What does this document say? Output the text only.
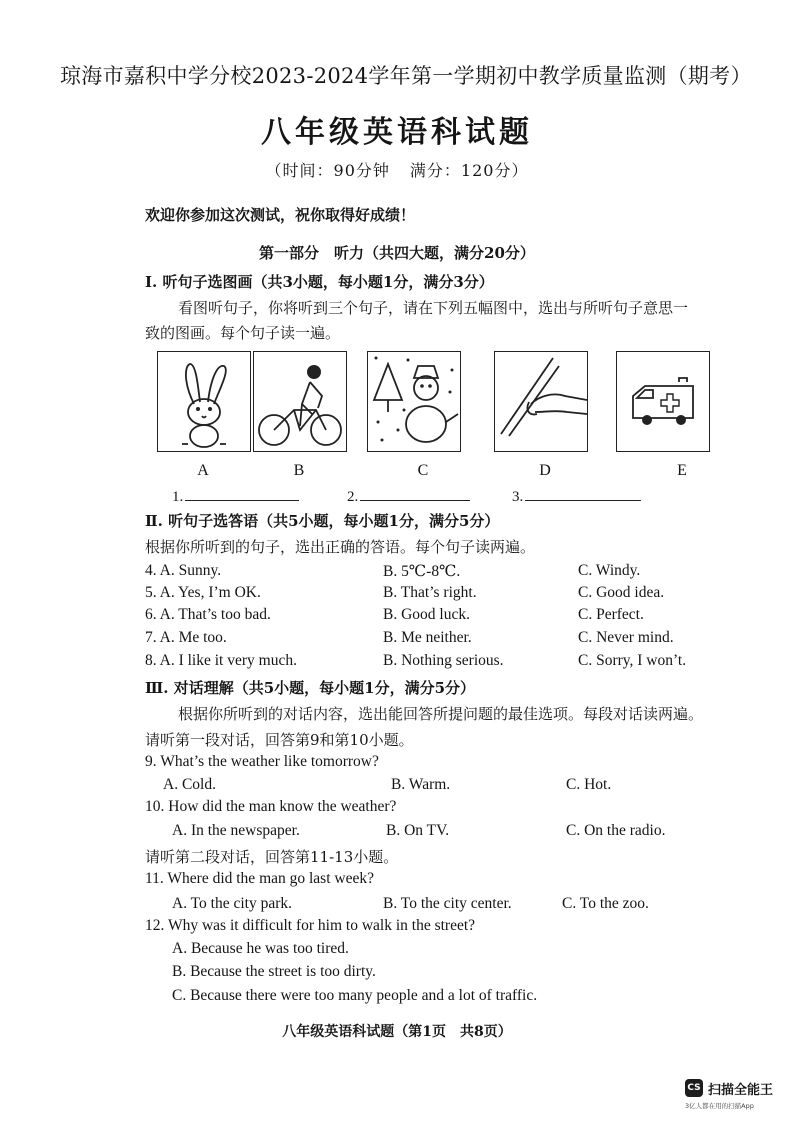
琼海市嘉积中学分校2023-2024学年第一学期初中教学质量监测（期考）
八年级英语科试题
（时间：90分钟 满分：120分）
欢迎你参加这次测试，祝你取得好成绩！
第一部分　听力（共四大题，满分20分）
I. 听句子选图画（共3小题，每小题1分，满分3分）
看图听句子，你将听到三个句子，请在下列五幅图中，选出与所听句子意思一
致的图画。每个句子读一遍。
A	B	C	D	E
1.	2.	3.
Ⅱ. 听句子选答语（共5小题，每小题1分，满分5分）
根据你所听到的句子，选出正确的答语。每个句子读两遍。
4. A. Sunny.	B. 5℃-8℃.	C. Windy.
5. A. Yes, I’m OK.	B. That’s right.	C. Good idea.
6. A. That’s too bad.	B. Good luck.	C. Perfect.
7. A. Me too.	B. Me neither.	C. Never mind.
8. A. I like it very much.	B. Nothing serious.	C. Sorry, I won’t.
Ⅲ. 对话理解（共5小题，每小题1分，满分5分）
根据你所听到的对话内容，选出能回答所提问题的最佳选项。每段对话读两遍。
请听第一段对话，回答第9和第10小题。
9. What’s the weather like tomorrow?
A. Cold.	B. Warm.	C. Hot.
10. How did the man know the weather?
A. In the newspaper.	B. On TV.	C. On the radio.
请听第二段对话，回答第11-13小题。
11. Where did the man go last week?
A. To the city park.	B. To the city center.	C. To the zoo.
12. Why was it difficult for him to walk in the street?
A. Because he was too tired.
B. Because the street is too dirty.
C. Because there were too many people and a lot of traffic.
八年级英语科试题（第1页　共8页）
CS 扫描全能王
3亿人都在用的扫描App
